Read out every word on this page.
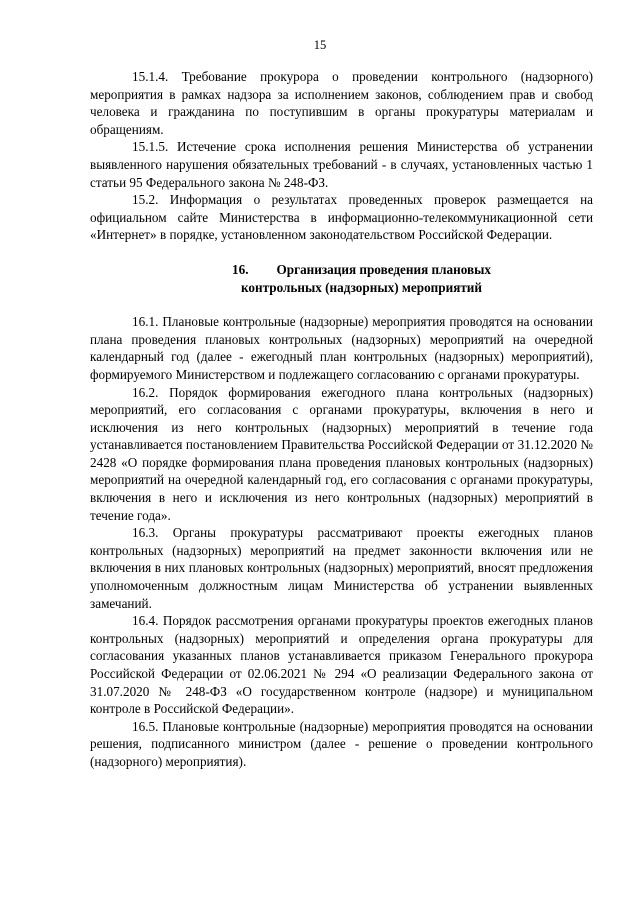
15

15.1.4. Требование прокурора о проведении контрольного (надзорного) мероприятия в рамках надзора за исполнением законов, соблюдением прав и свобод человека и гражданина по поступившим в органы прокуратуры материалам и обращениям.

15.1.5. Истечение срока исполнения решения Министерства об устранении выявленного нарушения обязательных требований - в случаях, установленных частью 1 статьи 95 Федерального закона № 248-ФЗ.

15.2. Информация о результатах проведенных проверок размещается на официальном сайте Министерства в информационно-телекоммуникационной сети «Интернет» в порядке, установленном законодательством Российской Федерации.

16. Организация проведения плановых

контрольных (надзорных) мероприятий

16.1. Плановые контрольные (надзорные) мероприятия проводятся на основании плана проведения плановых контрольных (надзорных) мероприятий на очередной календарный год (далее - ежегодный план контрольных (надзорных) мероприятий), формируемого Министерством и подлежащего согласованию с органами прокуратуры.

16.2. Порядок формирования ежегодного плана контрольных (надзорных) мероприятий, его согласования с органами прокуратуры, включения в него и исключения из него контрольных (надзорных) мероприятий в течение года устанавливается постановлением Правительства Российской Федерации от 31.12.2020 № 2428 «О порядке формирования плана проведения плановых контрольных (надзорных) мероприятий на очередной календарный год, его согласования с органами прокуратуры, включения в него и исключения из него контрольных (надзорных) мероприятий в течение года».

16.3. Органы прокуратуры рассматривают проекты ежегодных планов контрольных (надзорных) мероприятий на предмет законности включения или не включения в них плановых контрольных (надзорных) мероприятий, вносят предложения уполномоченным должностным лицам Министерства об устранении выявленных замечаний.

16.4. Порядок рассмотрения органами прокуратуры проектов ежегодных планов контрольных (надзорных) мероприятий и определения органа прокуратуры для согласования указанных планов устанавливается приказом Генерального прокурора Российской Федерации от 02.06.2021 № 294 «О реализации Федерального закона от 31.07.2020 № 248-ФЗ «О государственном контроле (надзоре) и муниципальном контроле в Российской Федерации».

16.5. Плановые контрольные (надзорные) мероприятия проводятся на основании решения, подписанного министром (далее - решение о проведении контрольного (надзорного) мероприятия).
